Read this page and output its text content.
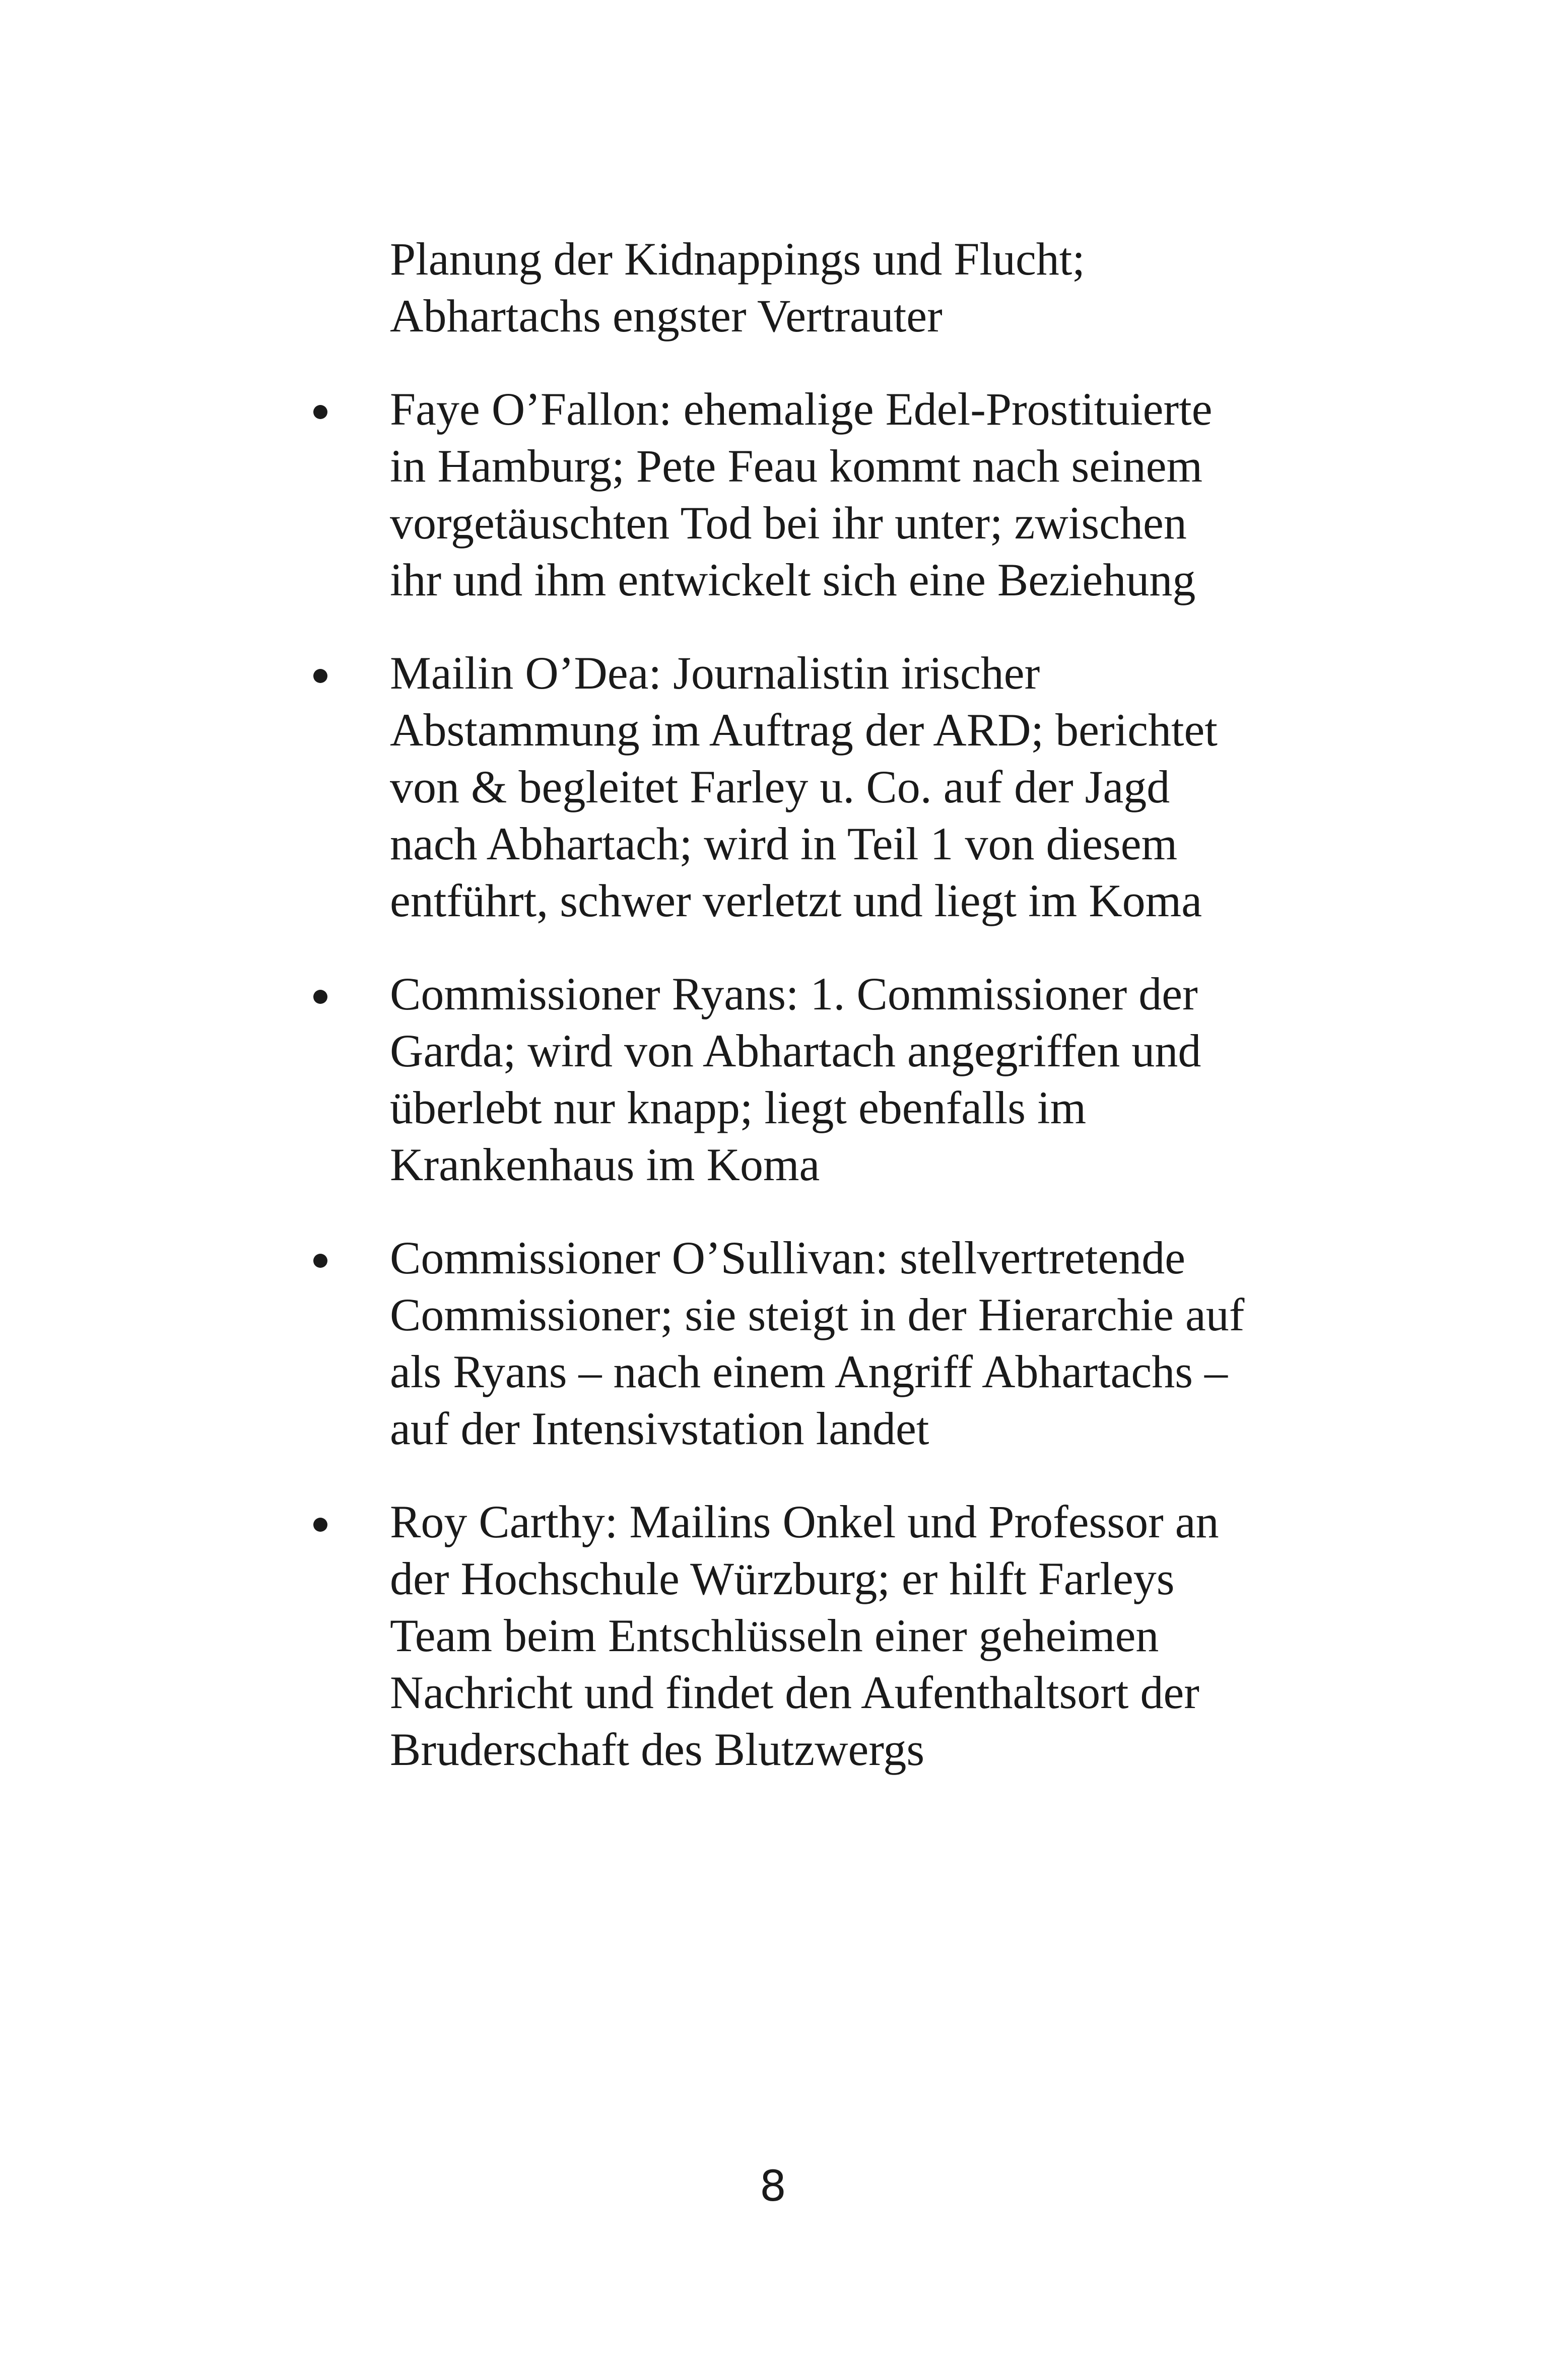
Planung der Kidnappings und Flucht;
Abhartachs engster Vertrauter
Faye O’Fallon: ehemalige Edel-Prostituierte
in Hamburg; Pete Feau kommt nach seinem
vorgetäuschten Tod bei ihr unter; zwischen
ihr und ihm entwickelt sich eine Beziehung
Mailin O’Dea: Journalistin irischer
Abstammung im Auftrag der ARD; berichtet
von & begleitet Farley u. Co. auf der Jagd
nach Abhartach; wird in Teil 1 von diesem
entführt, schwer verletzt und liegt im Koma
Commissioner Ryans: 1. Commissioner der
Garda; wird von Abhartach angegriffen und
überlebt nur knapp; liegt ebenfalls im
Krankenhaus im Koma
Commissioner O’Sullivan: stellvertretende
Commissioner; sie steigt in der Hierarchie auf
als Ryans – nach einem Angriff Abhartachs –
auf der Intensivstation landet
Roy Carthy: Mailins Onkel und Professor an
der Hochschule Würzburg; er hilft Farleys
Team beim Entschlüsseln einer geheimen
Nachricht und findet den Aufenthaltsort der
Bruderschaft des Blutzwergs
8
